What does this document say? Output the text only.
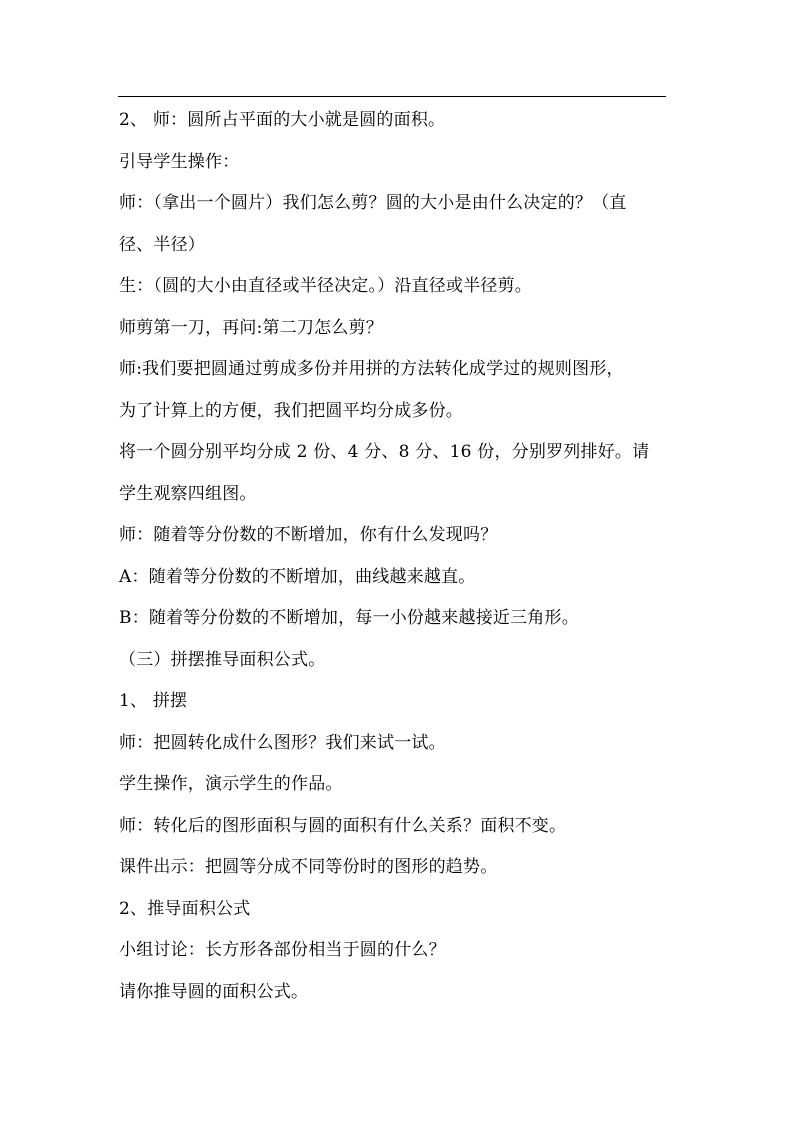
2、 师：圆所占平面的大小就是圆的面积。
引导学生操作：
师：（拿出一个圆片）我们怎么剪？圆的大小是由什么决定的？（直
径、半径）
生：（圆的大小由直径或半径决定。）沿直径或半径剪。
师剪第一刀，再问:第二刀怎么剪？
师:我们要把圆通过剪成多份并用拼的方法转化成学过的规则图形，
为了计算上的方便，我们把圆平均分成多份。
将一个圆分别平均分成 2 份、4 分、8 分、16 份，分别罗列排好。请
学生观察四组图。
师：随着等分份数的不断增加，你有什么发现吗？
A：随着等分份数的不断增加，曲线越来越直。
B：随着等分份数的不断增加，每一小份越来越接近三角形。
（三）拼摆推导面积公式。
1、 拼摆
师：把圆转化成什么图形？我们来试一试。
学生操作，演示学生的作品。
师：转化后的图形面积与圆的面积有什么关系？面积不变。
课件出示：把圆等分成不同等份时的图形的趋势。
2、推导面积公式
小组讨论：长方形各部份相当于圆的什么？
请你推导圆的面积公式。
